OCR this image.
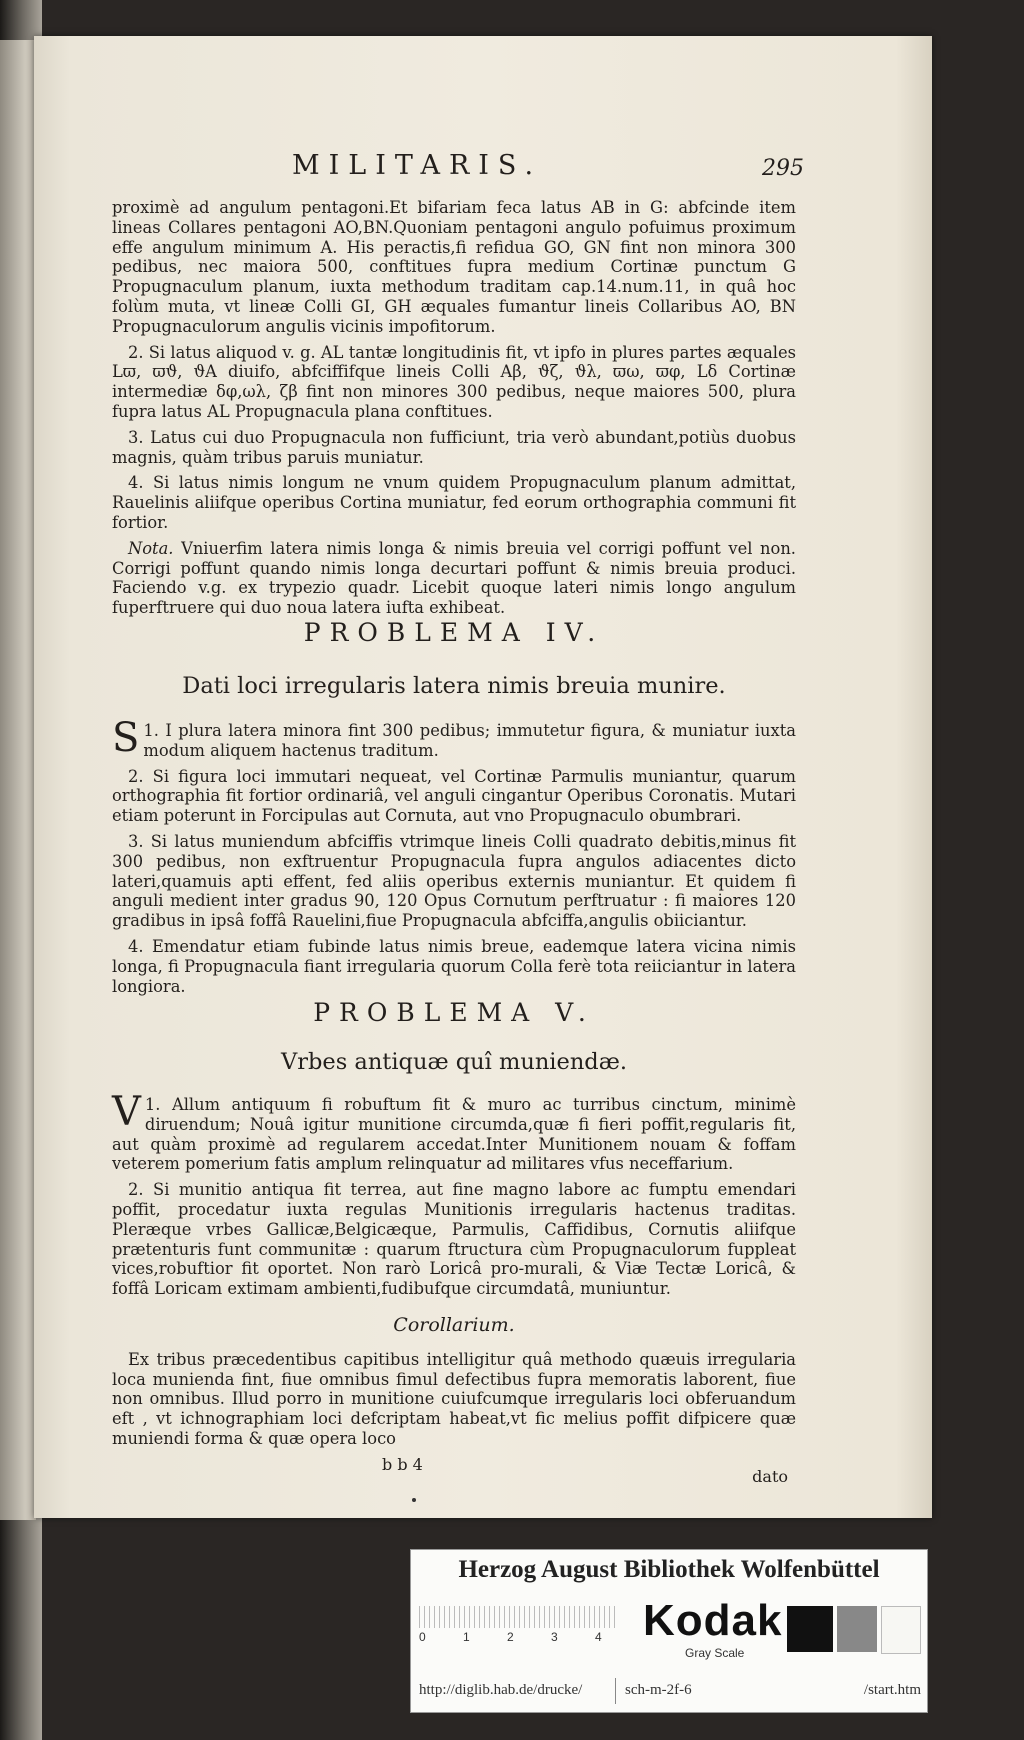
MILITARIS.	295

proximè ad angulum pentagoni.Et bifariam feca latus AB in G: abfcinde item lineas Collares pentagoni AO,BN.Quoniam pentagoni angulo pofuimus proximum effe angulum minimum A. His peractis,fi refidua GO, GN fint non minora 300 pedibus, nec maiora 500, conftitues fupra medium Cortinæ punctum G Propugnaculum planum, iuxta methodum traditam cap.14.num.11, in quâ hoc folùm muta, vt lineæ Colli GI, GH æquales fumantur lineis Collaribus AO, BN Propugnaculorum angulis vicinis impofitorum.

2. Si latus aliquod v. g. AL tantæ longitudinis fit, vt ipfo in plures partes æquales Lϖ, ϖϑ, ϑA diuifo, abfciffifque lineis Colli Aβ, ϑζ, ϑλ, ϖω, ϖφ, Lδ Cortinæ intermediæ δφ,ωλ, ζβ fint non minores 300 pedibus, neque maiores 500, plura fupra latus AL Propugnacula plana conftitues.

3. Latus cui duo Propugnacula non fufficiunt, tria verò abundant,potiùs duobus magnis, quàm tribus paruis muniatur.

4. Si latus nimis longum ne vnum quidem Propugnaculum planum admittat, Rauelinis aliifque operibus Cortina muniatur, fed eorum orthographia communi fit fortior.

Nota. Vniuerfim latera nimis longa & nimis breuia vel corrigi poffunt vel non. Corrigi poffunt quando nimis longa decurtari poffunt & nimis breuia produci. Faciendo v.g. ex trypezio quadr. Licebit quoque lateri nimis longo angulum fuperftruere qui duo noua latera iufta exhibeat.

PROBLEMA IV.
Dati loci irregularis latera nimis breuia munire.

1.
S I plura latera minora fint 300 pedibus; immutetur figura, & muniatur iuxta modum aliquem hactenus traditum.

2. Si figura loci immutari nequeat, vel Cortinæ Parmulis muniantur, quarum orthographia fit fortior ordinariâ, vel anguli cingantur Operibus Coronatis. Mutari etiam poterunt in Forcipulas aut Cornuta, aut vno Propugnaculo obumbrari.

3. Si latus muniendum abfciffis vtrimque lineis Colli quadrato debitis,minus fit 300 pedibus, non exftruentur Propugnacula fupra angulos adiacentes dicto lateri,quamuis apti effent, fed aliis operibus externis muniantur. Et quidem fi anguli medient inter gradus 90, 120 Opus Cornutum perftruatur : fi maiores 120 gradibus in ipsâ foffâ Rauelini,fiue Propugnacula abfciffa,angulis obiiciantur.

4. Emendatur etiam fubinde latus nimis breue, eademque latera vicina nimis longa, fi Propugnacula fiant irregularia quorum Colla ferè tota reiiciantur in latera longiora.

PROBLEMA V.
Vrbes antiquæ quî muniendæ.

1.
V Allum antiquum fi robuftum fit & muro ac turribus cinctum, minimè diruendum; Nouâ igitur munitione circumda,quæ fi fieri poffit,regularis fit, aut quàm proximè ad regularem accedat.Inter Munitionem nouam & foffam veterem pomerium fatis amplum relinquatur ad militares vfus neceffarium.

2. Si munitio antiqua fit terrea, aut fine magno labore ac fumptu emendari poffit, procedatur iuxta regulas Munitionis irregularis hactenus traditas. Pleræque vrbes Gallicæ,Belgicæque, Parmulis, Caffidibus, Cornutis aliifque prætenturis funt communitæ : quarum ftructura cùm Propugnaculorum fuppleat vices,robuftior fit oportet. Non rarò Loricâ pro-murali, & Viæ Tectæ Loricâ, & foffâ Loricam extimam ambienti,fudibufque circumdatâ, muniuntur.

Corollarium.

Ex tribus præcedentibus capitibus intelligitur quâ methodo quæuis irregularia loca munienda fint, fiue omnibus fimul defectibus fupra memoratis laborent, fiue non omnibus. Illud porro in munitione cuiufcumque irregularis loci obferuandum eft , vt ichnographiam loci defcriptam habeat,vt fic melius poffit difpicere quæ muniendi forma & quæ opera loco

b b 4
dato
Herzog August Bibliothek Wolfenbüttel
0	1	2	3	4 Kodak
Gray Scale
http://diglib.hab.de/drucke/	sch-m-2f-6	/start.htm
